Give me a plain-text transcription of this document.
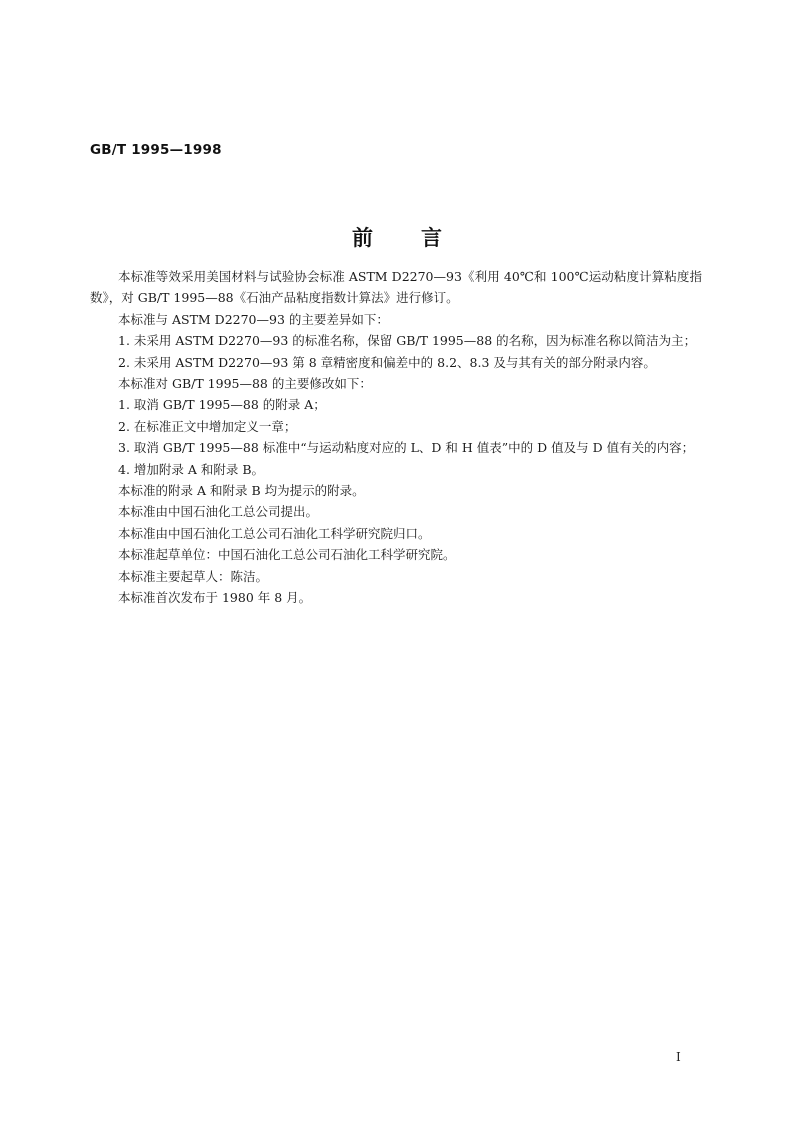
GB/T 1995—1998
前言

本标准等效采用美国材料与试验协会标准 ASTM D2270—93《利用 40℃和 100℃运动粘度计算粘度指数》，对 GB/T 1995—88《石油产品粘度指数计算法》进行修订。

本标准与 ASTM D2270—93 的主要差异如下：

1. 未采用 ASTM D2270—93 的标准名称，保留 GB/T 1995—88 的名称，因为标准名称以简洁为主；

2. 未采用 ASTM D2270—93 第 8 章精密度和偏差中的 8.2、8.3 及与其有关的部分附录内容。

本标准对 GB/T 1995—88 的主要修改如下：

1. 取消 GB/T 1995—88 的附录 A；

2. 在标准正文中增加定义一章；

3. 取消 GB/T 1995—88 标准中“与运动粘度对应的 L、D 和 H 值表”中的 D 值及与 D 值有关的内容；

4. 增加附录 A 和附录 B。

本标准的附录 A 和附录 B 均为提示的附录。

本标准由中国石油化工总公司提出。

本标准由中国石油化工总公司石油化工科学研究院归口。

本标准起草单位：中国石油化工总公司石油化工科学研究院。

本标准主要起草人：陈洁。

本标准首次发布于 1980 年 8 月。

I
